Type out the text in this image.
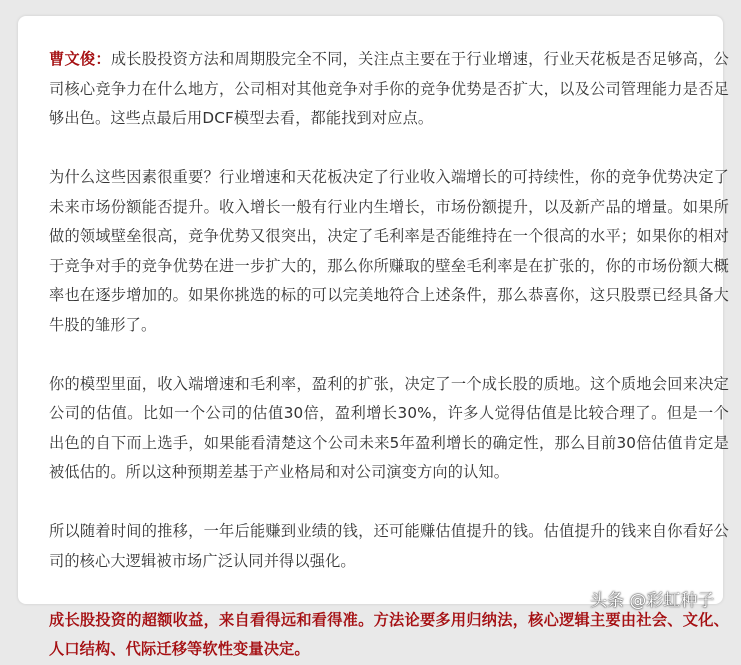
曹文俊：成长股投资方法和周期股完全不同，关注点主要在于行业增速，行业天花板是否足够高，公司核心竞争力在什么地方，公司相对其他竞争对手你的竞争优势是否扩大，以及公司管理能力是否足够出色。这些点最后用DCF模型去看，都能找到对应点。

为什么这些因素很重要？行业增速和天花板决定了行业收入端增长的可持续性，你的竞争优势决定了未来市场份额能否提升。收入增长一般有行业内生增长，市场份额提升，以及新产品的增量。如果所做的领域壁垒很高，竞争优势又很突出，决定了毛利率是否能维持在一个很高的水平；如果你的相对于竞争对手的竞争优势在进一步扩大的，那么你所赚取的壁垒毛利率是在扩张的，你的市场份额大概率也在逐步增加的。如果你挑选的标的可以完美地符合上述条件，那么恭喜你，这只股票已经具备大牛股的雏形了。

你的模型里面，收入端增速和毛利率，盈利的扩张，决定了一个成长股的质地。这个质地会回来决定公司的估值。比如一个公司的估值30倍，盈利增长30%，许多人觉得估值是比较合理了。但是一个出色的自下而上选手，如果能看清楚这个公司未来5年盈利增长的确定性，那么目前30倍估值肯定是被低估的。所以这种预期差基于产业格局和对公司演变方向的认知。

所以随着时间的推移，一年后能赚到业绩的钱，还可能赚估值提升的钱。估值提升的钱来自你看好公司的核心大逻辑被市场广泛认同并得以强化。

成长股投资的超额收益，来自看得远和看得准。方法论要多用归纳法，核心逻辑主要由社会、文化、人口结构、代际迁移等软性变量决定。

头条 @彩虹种子
